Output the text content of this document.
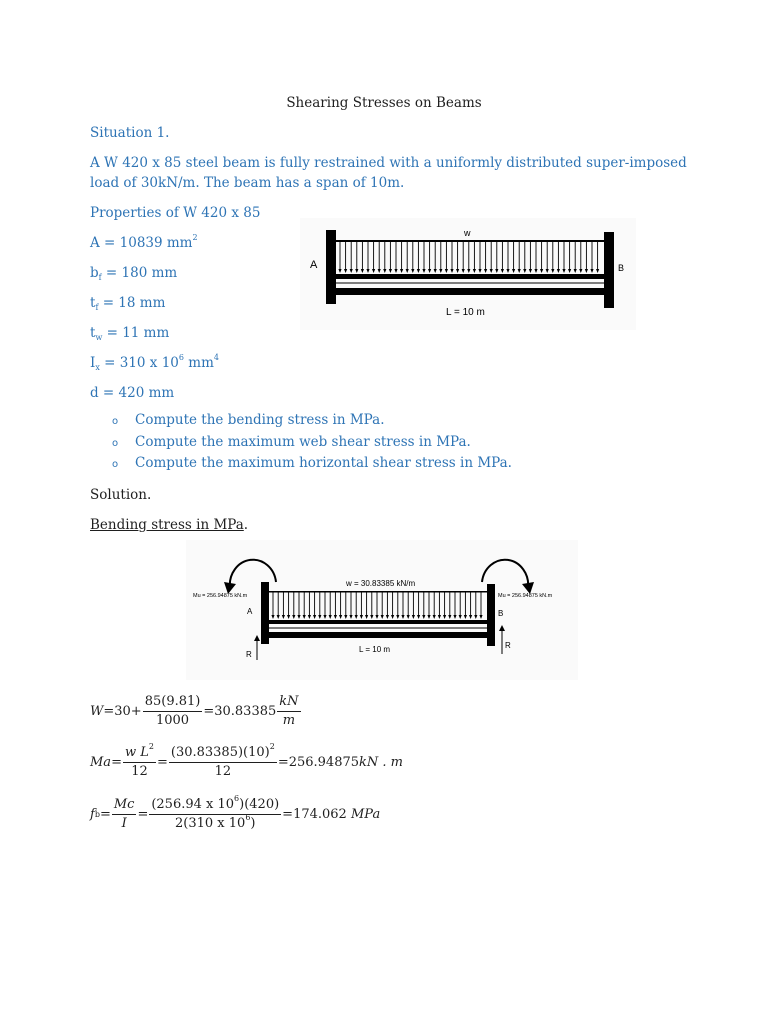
Shearing Stresses on Beams
Situation 1.
A W 420 x 85 steel beam is fully restrained with a uniformly distributed super-imposed
load of 30kN/m. The beam has a span of 10m.
Properties of W 420 x 85
A = 10839 $mm^2$
$b_f = 180$ mm
$t_f = 18$ mm
$t_w = 11$ mm
$I_x = 310$ x $10^6$ $mm^4$
d = 420 mm
w
A	B
L = 10 m
o Compute the bending stress in MPa.
o Compute the maximum web shear stress in MPa.
o Compute the maximum horizontal shear stress in MPa.
Solution.
Bending stress in MPa.
w = 30.83385 kN/m
Mu = 256.94875 kN.m	Mu = 256.94875 kN.m
A	B
L = 10 m
R
R
$W =30+ \frac{85(9.81)}{1000} =30.83385 \frac{kN}{m}$
$Ma = \frac{w L^2}{12} = \frac{(30.83385)(10)^2}{12} =256.94875$ kN . m
f $b = \frac{Mc}{I} = \frac{(256.94 x 10^6)(420)}{2(310 x 10^6)} =174.062$
MPa
